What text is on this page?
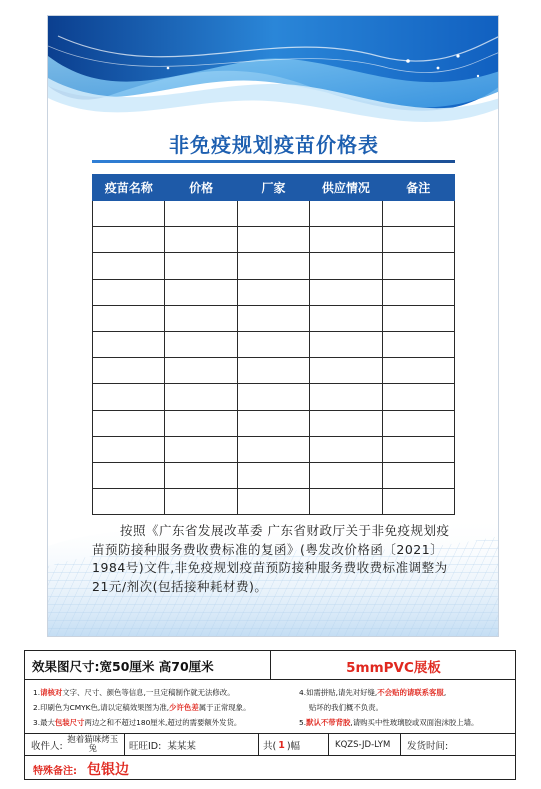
非免疫规划疫苗价格表
疫苗名称	价格	厂家	供应情况	备注

按照《广东省发展改革委 广东省财政厅关于非免疫规划疫苗预防接种服务费收费标准的复函》(粤发改价格函〔2021〕1984号)文件,非免疫规划疫苗预防接种服务费收费标准调整为21元/剂次(包括接种耗材费)。
效果图尺寸:宽50厘米 高70厘米	5mmPVC展板
1.请核对文字、尺寸、颜色等信息,一旦定稿制作就无法修改。
2.印刷色为CMYK色,请以定稿效果图为准,少许色差属于正常现象。
3.最大包装尺寸两边之和不超过180厘米,超过的需要额外发货。
4.如需拼贴,请先对好缝,不会贴的请联系客服,
贴坏的我们概不负责。
5.默认不带背胶,请购买中性玻璃胶或双面泡沫胶上墙。
收件人:
抱着猫咪烤玉兔	旺旺ID: 某某某	共( 1 )幅	KQZS-JD-LYM	发货时间:
特殊备注: 包银边
